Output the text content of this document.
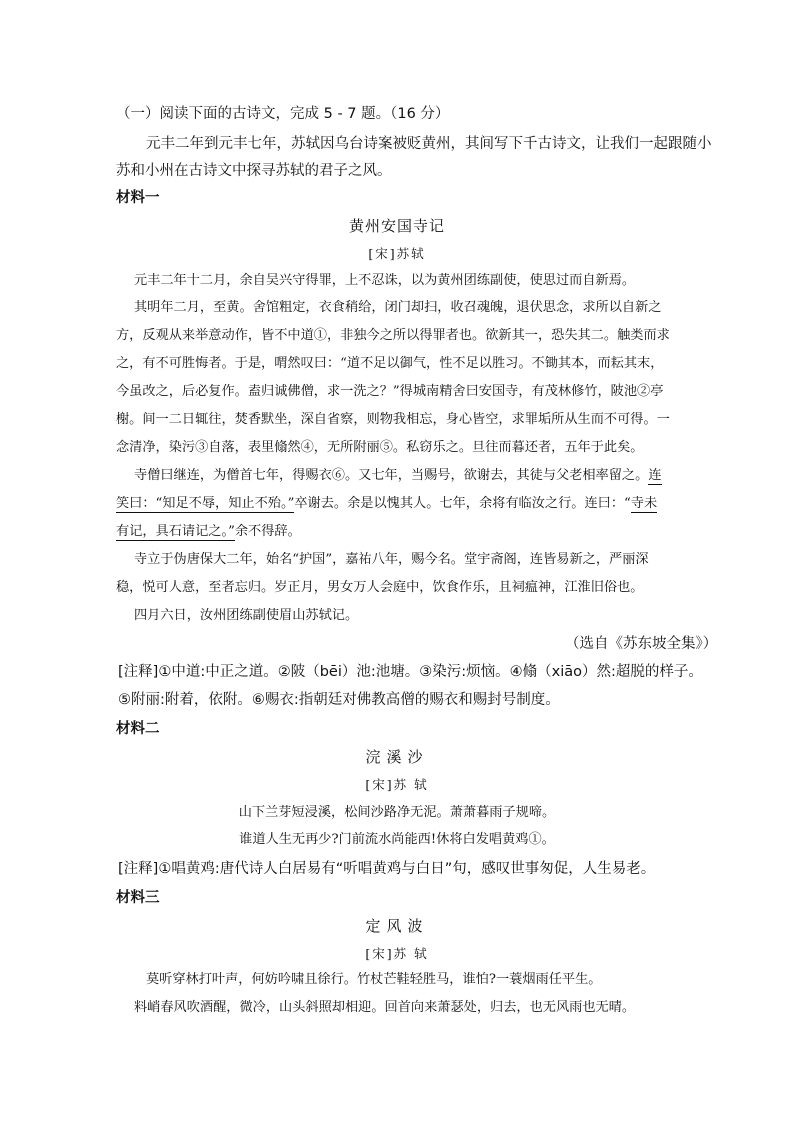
（一）阅读下面的古诗文，完成 5 - 7 题。（16 分）
元丰二年到元丰七年，苏轼因乌台诗案被贬黄州，其间写下千古诗文，让我们一起跟随小
苏和小州在古诗文中探寻苏轼的君子之风。
材料一
黄州安国寺记
[宋]苏轼
元丰二年十二月，余自吴兴守得罪，上不忍诛，以为黄州团练副使，使思过而自新焉。
其明年二月，至黄。舍馆粗定，衣食稍给，闭门却扫，收召魂魄，退伏思念，求所以自新之
方，反观从来举意动作，皆不中道①，非独今之所以得罪者也。欲新其一，恐失其二。触类而求
之，有不可胜悔者。于是，喟然叹曰：“道不足以御气，性不足以胜习。不锄其本，而耘其末，
今虽改之，后必复作。盍归诚佛僧，求一洗之？”得城南精舍曰安国寺，有茂林修竹，陂池②亭
榭。间一二日辄往，焚香默坐，深自省察，则物我相忘，身心皆空，求罪垢所从生而不可得。一
念清净，染污③自落，表里翛然④，无所附丽⑤。私窃乐之。旦往而暮还者，五年于此矣。
寺僧曰继连，为僧首七年，得赐衣⑥。又七年，当赐号，欲谢去，其徒与父老相率留之。连
笑曰：“知足不辱，知止不殆。”卒谢去。余是以愧其人。七年，余将有临汝之行。连曰：“寺未
有记，具石请记之。”余不得辞。
寺立于伪唐保大二年，始名“护国”，嘉祐八年，赐今名。堂宇斋阁，连皆易新之，严丽深
稳，悦可人意，至者忘归。岁正月，男女万人会庭中，饮食作乐，且祠瘟神，江淮旧俗也。
四月六日，汝州团练副使眉山苏轼记。
（选自《苏东坡全集》）
[注释]①中道:中正之道。②陂（bēi）池:池塘。③染污:烦恼。④翛（xiāo）然:超脱的样子。
⑤附丽:附着，依附。⑥赐衣:指朝廷对佛教高僧的赐衣和赐封号制度。
材料二
浣溪沙
[宋]苏 轼
山下兰芽短浸溪，松间沙路净无泥。萧萧暮雨子规啼。
谁道人生无再少?门前流水尚能西!休将白发唱黄鸡①。
[注释]①唱黄鸡:唐代诗人白居易有“听唱黄鸡与白日”句，感叹世事匆促，人生易老。
材料三
定风波
[宋]苏 轼
莫听穿林打叶声，何妨吟啸且徐行。竹杖芒鞋轻胜马，谁怕?一蓑烟雨任平生。
料峭春风吹酒醒，微冷，山头斜照却相迎。回首向来萧瑟处，归去，也无风雨也无晴。
